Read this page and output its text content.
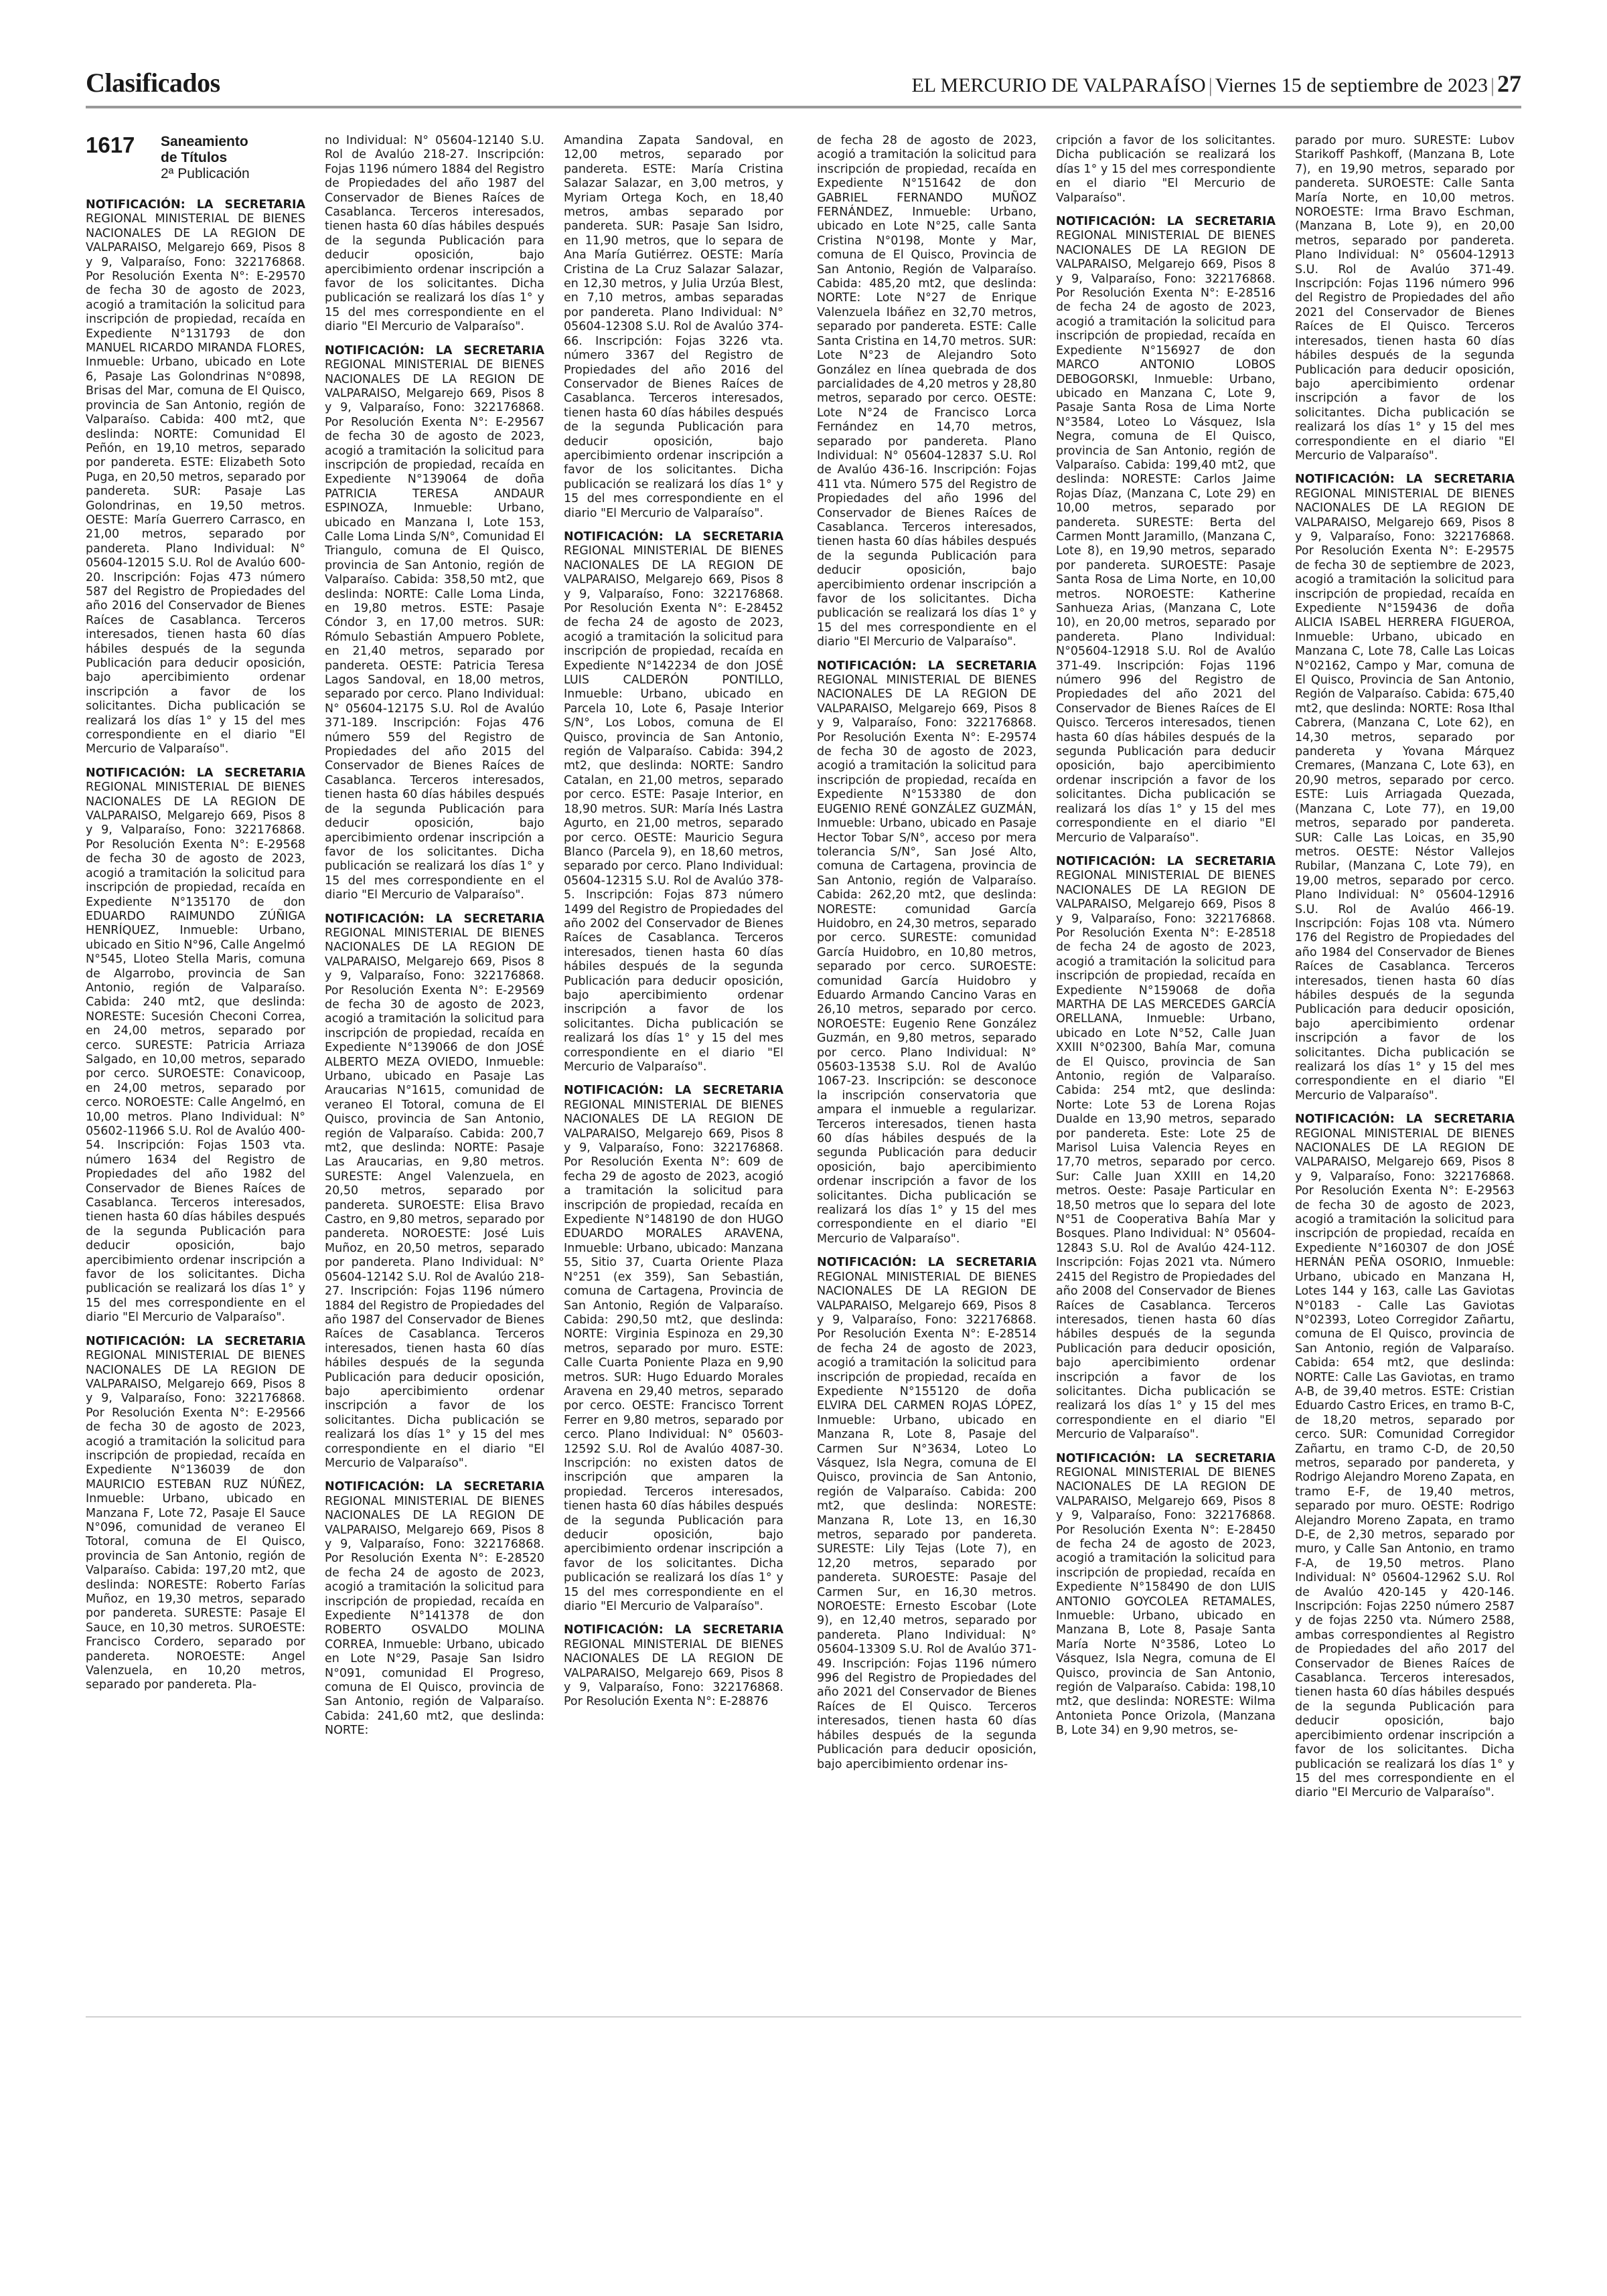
Clasificados	EL MERCURIO DE VALPARAÍSO | Viernes 15 de septiembre de 2023 | 27
1617	Saneamiento
de Títulos
2ª Publicación

NOTIFICACIÓN: LA SECRETARIA REGIONAL MINISTERIAL DE BIENES NACIONALES DE LA REGION DE VALPARAISO, Melgarejo 669, Pisos 8 y 9, Valparaíso, Fono: 322176868. Por Resolución Exenta N°: E-29570 de fecha 30 de agosto de 2023, acogió a tramitación la solicitud para inscripción de propiedad, recaída en Expediente N°131793 de don MANUEL RICARDO MIRANDA FLORES, Inmueble: Urbano, ubicado en Lote 6, Pasaje Las Golondrinas N°0898, Brisas del Mar, comuna de El Quisco, provincia de San Antonio, región de Valparaíso. Cabida: 400 mt2, que deslinda: NORTE: Comunidad El Peñón, en 19,10 metros, separado por pandereta. ESTE: Elizabeth Soto Puga, en 20,50 metros, separado por pandereta. SUR: Pasaje Las Golondrinas, en 19,50 metros. OESTE: María Guerrero Carrasco, en 21,00 metros, separado por pandereta. Plano Individual: N° 05604-12015 S.U. Rol de Avalúo 600-20. Inscripción: Fojas 473 número 587 del Registro de Propiedades del año 2016 del Conservador de Bienes Raíces de Casablanca. Terceros interesados, tienen hasta 60 días hábiles después de la segunda Publicación para deducir oposición, bajo apercibimiento ordenar inscripción a favor de los solicitantes. Dicha publicación se realizará los días 1° y 15 del mes correspondiente en el diario "El Mercurio de Valparaíso".

NOTIFICACIÓN: LA SECRETARIA REGIONAL MINISTERIAL DE BIENES NACIONALES DE LA REGION DE VALPARAISO, Melgarejo 669, Pisos 8 y 9, Valparaíso, Fono: 322176868. Por Resolución Exenta N°: E-29568 de fecha 30 de agosto de 2023, acogió a tramitación la solicitud para inscripción de propiedad, recaída en Expediente N°135170 de don EDUARDO RAIMUNDO ZÚÑIGA HENRÍQUEZ, Inmueble: Urbano, ubicado en Sitio N°96, Calle Angelmó N°545, Lloteo Stella Maris, comuna de Algarrobo, provincia de San Antonio, región de Valparaíso. Cabida: 240 mt2, que deslinda: NORESTE: Sucesión Checoni Correa, en 24,00 metros, separado por cerco. SURESTE: Patricia Arriaza Salgado, en 10,00 metros, separado por cerco. SUROESTE: Conavicoop, en 24,00 metros, separado por cerco. NOROESTE: Calle Angelmó, en 10,00 metros. Plano Individual: N° 05602-11966 S.U. Rol de Avalúo 400-54. Inscripción: Fojas 1503 vta. número 1634 del Registro de Propiedades del año 1982 del Conservador de Bienes Raíces de Casablanca. Terceros interesados, tienen hasta 60 días hábiles después de la segunda Publicación para deducir oposición, bajo apercibimiento ordenar inscripción a favor de los solicitantes. Dicha publicación se realizará los días 1° y 15 del mes correspondiente en el diario "El Mercurio de Valparaíso".

NOTIFICACIÓN: LA SECRETARIA REGIONAL MINISTERIAL DE BIENES NACIONALES DE LA REGION DE VALPARAISO, Melgarejo 669, Pisos 8 y 9, Valparaíso, Fono: 322176868. Por Resolución Exenta N°: E-29566 de fecha 30 de agosto de 2023, acogió a tramitación la solicitud para inscripción de propiedad, recaída en Expediente N°136039 de don MAURICIO ESTEBAN RUZ NÚÑEZ, Inmueble: Urbano, ubicado en Manzana F, Lote 72, Pasaje El Sauce N°096, comunidad de veraneo El Totoral, comuna de El Quisco, provincia de San Antonio, región de Valparaíso. Cabida: 197,20 mt2, que deslinda: NORESTE: Roberto Farías Muñoz, en 19,30 metros, separado por pandereta. SURESTE: Pasaje El Sauce, en 10,30 metros. SUROESTE: Francisco Cordero, separado por pandereta. NOROESTE: Angel Valenzuela, en 10,20 metros, separado por pandereta. Pla-

no Individual: N° 05604-12140 S.U. Rol de Avalúo 218-27. Inscripción: Fojas 1196 número 1884 del Registro de Propiedades del año 1987 del Conservador de Bienes Raíces de Casablanca. Terceros interesados, tienen hasta 60 días hábiles después de la segunda Publicación para deducir oposición, bajo apercibimiento ordenar inscripción a favor de los solicitantes. Dicha publicación se realizará los días 1° y 15 del mes correspondiente en el diario "El Mercurio de Valparaíso".

NOTIFICACIÓN: LA SECRETARIA REGIONAL MINISTERIAL DE BIENES NACIONALES DE LA REGION DE VALPARAISO, Melgarejo 669, Pisos 8 y 9, Valparaíso, Fono: 322176868. Por Resolución Exenta N°: E-29567 de fecha 30 de agosto de 2023, acogió a tramitación la solicitud para inscripción de propiedad, recaída en Expediente N°139064 de doña PATRICIA TERESA ANDAUR ESPINOZA, Inmueble: Urbano, ubicado en Manzana I, Lote 153, Calle Loma Linda S/N°, Comunidad El Triangulo, comuna de El Quisco, provincia de San Antonio, región de Valparaíso. Cabida: 358,50 mt2, que deslinda: NORTE: Calle Loma Linda, en 19,80 metros. ESTE: Pasaje Cóndor 3, en 17,00 metros. SUR: Rómulo Sebastián Ampuero Poblete, en 21,40 metros, separado por pandereta. OESTE: Patricia Teresa Lagos Sandoval, en 18,00 metros, separado por cerco. Plano Individual: N° 05604-12175 S.U. Rol de Avalúo 371-189. Inscripción: Fojas 476 número 559 del Registro de Propiedades del año 2015 del Conservador de Bienes Raíces de Casablanca. Terceros interesados, tienen hasta 60 días hábiles después de la segunda Publicación para deducir oposición, bajo apercibimiento ordenar inscripción a favor de los solicitantes. Dicha publicación se realizará los días 1° y 15 del mes correspondiente en el diario "El Mercurio de Valparaíso".

NOTIFICACIÓN: LA SECRETARIA REGIONAL MINISTERIAL DE BIENES NACIONALES DE LA REGION DE VALPARAISO, Melgarejo 669, Pisos 8 y 9, Valparaíso, Fono: 322176868. Por Resolución Exenta N°: E-29569 de fecha 30 de agosto de 2023, acogió a tramitación la solicitud para inscripción de propiedad, recaída en Expediente N°139066 de don JOSÉ ALBERTO MEZA OVIEDO, Inmueble: Urbano, ubicado en Pasaje Las Araucarias N°1615, comunidad de veraneo El Totoral, comuna de El Quisco, provincia de San Antonio, región de Valparaíso. Cabida: 200,7 mt2, que deslinda: NORTE: Pasaje Las Araucarias, en 9,80 metros. SURESTE: Angel Valenzuela, en 20,50 metros, separado por pandereta. SUROESTE: Elisa Bravo Castro, en 9,80 metros, separado por pandereta. NOROESTE: José Luis Muñoz, en 20,50 metros, separado por pandereta. Plano Individual: N° 05604-12142 S.U. Rol de Avalúo 218-27. Inscripción: Fojas 1196 número 1884 del Registro de Propiedades del año 1987 del Conservador de Bienes Raíces de Casablanca. Terceros interesados, tienen hasta 60 días hábiles después de la segunda Publicación para deducir oposición, bajo apercibimiento ordenar inscripción a favor de los solicitantes. Dicha publicación se realizará los días 1° y 15 del mes correspondiente en el diario "El Mercurio de Valparaíso".

NOTIFICACIÓN: LA SECRETARIA REGIONAL MINISTERIAL DE BIENES NACIONALES DE LA REGION DE VALPARAISO, Melgarejo 669, Pisos 8 y 9, Valparaíso, Fono: 322176868. Por Resolución Exenta N°: E-28520 de fecha 24 de agosto de 2023, acogió a tramitación la solicitud para inscripción de propiedad, recaída en Expediente N°141378 de don ROBERTO OSVALDO MOLINA CORREA, Inmueble: Urbano, ubicado en Lote N°29, Pasaje San Isidro N°091, comunidad El Progreso, comuna de El Quisco, provincia de San Antonio, región de Valparaíso. Cabida: 241,60 mt2, que deslinda: NORTE:

Amandina Zapata Sandoval, en 12,00 metros, separado por pandereta. ESTE: María Cristina Salazar Salazar, en 3,00 metros, y Myriam Ortega Koch, en 18,40 metros, ambas separado por pandereta. SUR: Pasaje San Isidro, en 11,90 metros, que lo separa de Ana María Gutiérrez. OESTE: María Cristina de La Cruz Salazar Salazar, en 12,30 metros, y Julia Urzúa Blest, en 7,10 metros, ambas separadas por pandereta. Plano Individual: N° 05604-12308 S.U. Rol de Avalúo 374-66. Inscripción: Fojas 3226 vta. número 3367 del Registro de Propiedades del año 2016 del Conservador de Bienes Raíces de Casablanca. Terceros interesados, tienen hasta 60 días hábiles después de la segunda Publicación para deducir oposición, bajo apercibimiento ordenar inscripción a favor de los solicitantes. Dicha publicación se realizará los días 1° y 15 del mes correspondiente en el diario "El Mercurio de Valparaíso".

NOTIFICACIÓN: LA SECRETARIA REGIONAL MINISTERIAL DE BIENES NACIONALES DE LA REGION DE VALPARAISO, Melgarejo 669, Pisos 8 y 9, Valparaíso, Fono: 322176868. Por Resolución Exenta N°: E-28452 de fecha 24 de agosto de 2023, acogió a tramitación la solicitud para inscripción de propiedad, recaída en Expediente N°142234 de don JOSÉ LUIS CALDERÓN PONTILLO, Inmueble: Urbano, ubicado en Parcela 10, Lote 6, Pasaje Interior S/N°, Los Lobos, comuna de El Quisco, provincia de San Antonio, región de Valparaíso. Cabida: 394,2 mt2, que deslinda: NORTE: Sandro Catalan, en 21,00 metros, separado por cerco. ESTE: Pasaje Interior, en 18,90 metros. SUR: María Inés Lastra Agurto, en 21,00 metros, separado por cerco. OESTE: Mauricio Segura Blanco (Parcela 9), en 18,60 metros, separado por cerco. Plano Individual: 05604-12315 S.U. Rol de Avalúo 378-5. Inscripción: Fojas 873 número 1499 del Registro de Propiedades del año 2002 del Conservador de Bienes Raíces de Casablanca. Terceros interesados, tienen hasta 60 días hábiles después de la segunda Publicación para deducir oposición, bajo apercibimiento ordenar inscripción a favor de los solicitantes. Dicha publicación se realizará los días 1° y 15 del mes correspondiente en el diario "El Mercurio de Valparaíso".

NOTIFICACIÓN: LA SECRETARIA REGIONAL MINISTERIAL DE BIENES NACIONALES DE LA REGION DE VALPARAISO, Melgarejo 669, Pisos 8 y 9, Valparaíso, Fono: 322176868. Por Resolución Exenta N°: 609 de fecha 29 de agosto de 2023, acogió a tramitación la solicitud para inscripción de propiedad, recaída en Expediente N°148190 de don HUGO EDUARDO MORALES ARAVENA, Inmueble: Urbano, ubicado: Manzana 55, Sitio 37, Cuarta Oriente Plaza N°251 (ex 359), San Sebastián, comuna de Cartagena, Provincia de San Antonio, Región de Valparaíso. Cabida: 290,50 mt2, que deslinda: NORTE: Virginia Espinoza en 29,30 metros, separado por muro. ESTE: Calle Cuarta Poniente Plaza en 9,90 metros. SUR: Hugo Eduardo Morales Aravena en 29,40 metros, separado por cerco. OESTE: Francisco Torrent Ferrer en 9,80 metros, separado por cerco. Plano Individual: N° 05603-12592 S.U. Rol de Avalúo 4087-30. Inscripción: no existen datos de inscripción que amparen la propiedad. Terceros interesados, tienen hasta 60 días hábiles después de la segunda Publicación para deducir oposición, bajo apercibimiento ordenar inscripción a favor de los solicitantes. Dicha publicación se realizará los días 1° y 15 del mes correspondiente en el diario "El Mercurio de Valparaíso".

NOTIFICACIÓN: LA SECRETARIA REGIONAL MINISTERIAL DE BIENES NACIONALES DE LA REGION DE VALPARAISO, Melgarejo 669, Pisos 8 y 9, Valparaíso, Fono: 322176868. Por Resolución Exenta N°: E-28876

de fecha 28 de agosto de 2023, acogió a tramitación la solicitud para inscripción de propiedad, recaída en Expediente N°151642 de don GABRIEL FERNANDO MUÑOZ FERNÁNDEZ, Inmueble: Urbano, ubicado en Lote N°25, calle Santa Cristina N°0198, Monte y Mar, comuna de El Quisco, Provincia de San Antonio, Región de Valparaíso. Cabida: 485,20 mt2, que deslinda: NORTE: Lote N°27 de Enrique Valenzuela Ibáñez en 32,70 metros, separado por pandereta. ESTE: Calle Santa Cristina en 14,70 metros. SUR: Lote N°23 de Alejandro Soto González en línea quebrada de dos parcialidades de 4,20 metros y 28,80 metros, separado por cerco. OESTE: Lote N°24 de Francisco Lorca Fernández en 14,70 metros, separado por pandereta. Plano Individual: N° 05604-12837 S.U. Rol de Avalúo 436-16. Inscripción: Fojas 411 vta. Número 575 del Registro de Propiedades del año 1996 del Conservador de Bienes Raíces de Casablanca. Terceros interesados, tienen hasta 60 días hábiles después de la segunda Publicación para deducir oposición, bajo apercibimiento ordenar inscripción a favor de los solicitantes. Dicha publicación se realizará los días 1° y 15 del mes correspondiente en el diario "El Mercurio de Valparaíso".

NOTIFICACIÓN: LA SECRETARIA REGIONAL MINISTERIAL DE BIENES NACIONALES DE LA REGION DE VALPARAISO, Melgarejo 669, Pisos 8 y 9, Valparaíso, Fono: 322176868. Por Resolución Exenta N°: E-29574 de fecha 30 de agosto de 2023, acogió a tramitación la solicitud para inscripción de propiedad, recaída en Expediente N°153380 de don EUGENIO RENÉ GONZÁLEZ GUZMÁN, Inmueble: Urbano, ubicado en Pasaje Hector Tobar S/N°, acceso por mera tolerancia S/N°, San José Alto, comuna de Cartagena, provincia de San Antonio, región de Valparaíso. Cabida: 262,20 mt2, que deslinda: NORESTE: comunidad García Huidobro, en 24,30 metros, separado por cerco. SURESTE: comunidad García Huidobro, en 10,80 metros, separado por cerco. SUROESTE: comunidad García Huidobro y Eduardo Armando Cancino Varas en 26,10 metros, separado por cerco. NOROESTE: Eugenio Rene González Guzmán, en 9,80 metros, separado por cerco. Plano Individual: N° 05603-13538 S.U. Rol de Avalúo 1067-23. Inscripción: se desconoce la inscripción conservatoria que ampara el inmueble a regularizar. Terceros interesados, tienen hasta 60 días hábiles después de la segunda Publicación para deducir oposición, bajo apercibimiento ordenar inscripción a favor de los solicitantes. Dicha publicación se realizará los días 1° y 15 del mes correspondiente en el diario "El Mercurio de Valparaíso".

NOTIFICACIÓN: LA SECRETARIA REGIONAL MINISTERIAL DE BIENES NACIONALES DE LA REGION DE VALPARAISO, Melgarejo 669, Pisos 8 y 9, Valparaíso, Fono: 322176868. Por Resolución Exenta N°: E-28514 de fecha 24 de agosto de 2023, acogió a tramitación la solicitud para inscripción de propiedad, recaída en Expediente N°155120 de doña ELVIRA DEL CARMEN ROJAS LÓPEZ, Inmueble: Urbano, ubicado en Manzana R, Lote 8, Pasaje del Carmen Sur N°3634, Loteo Lo Vásquez, Isla Negra, comuna de El Quisco, provincia de San Antonio, región de Valparaíso. Cabida: 200 mt2, que deslinda: NORESTE: Manzana R, Lote 13, en 16,30 metros, separado por pandereta. SURESTE: Lily Tejas (Lote 7), en 12,20 metros, separado por pandereta. SUROESTE: Pasaje del Carmen Sur, en 16,30 metros. NOROESTE: Ernesto Escobar (Lote 9), en 12,40 metros, separado por pandereta. Plano Individual: N° 05604-13309 S.U. Rol de Avalúo 371-49. Inscripción: Fojas 1196 número 996 del Registro de Propiedades del año 2021 del Conservador de Bienes Raíces de El Quisco. Terceros interesados, tienen hasta 60 días hábiles después de la segunda Publicación para deducir oposición, bajo apercibimiento ordenar ins-

cripción a favor de los solicitantes. Dicha publicación se realizará los días 1° y 15 del mes correspondiente en el diario "El Mercurio de Valparaíso".

NOTIFICACIÓN: LA SECRETARIA REGIONAL MINISTERIAL DE BIENES NACIONALES DE LA REGION DE VALPARAISO, Melgarejo 669, Pisos 8 y 9, Valparaíso, Fono: 322176868. Por Resolución Exenta N°: E-28516 de fecha 24 de agosto de 2023, acogió a tramitación la solicitud para inscripción de propiedad, recaída en Expediente N°156927 de don MARCO ANTONIO LOBOS DEBOGORSKI, Inmueble: Urbano, ubicado en Manzana C, Lote 9, Pasaje Santa Rosa de Lima Norte N°3584, Loteo Lo Vásquez, Isla Negra, comuna de El Quisco, provincia de San Antonio, región de Valparaíso. Cabida: 199,40 mt2, que deslinda: NORESTE: Carlos Jaime Rojas Díaz, (Manzana C, Lote 29) en 10,00 metros, separado por pandereta. SURESTE: Berta del Carmen Montt Jaramillo, (Manzana C, Lote 8), en 19,90 metros, separado por pandereta. SUROESTE: Pasaje Santa Rosa de Lima Norte, en 10,00 metros. NOROESTE: Katherine Sanhueza Arias, (Manzana C, Lote 10), en 20,00 metros, separado por pandereta. Plano Individual: N°05604-12918 S.U. Rol de Avalúo 371-49. Inscripción: Fojas 1196 número 996 del Registro de Propiedades del año 2021 del Conservador de Bienes Raíces de El Quisco. Terceros interesados, tienen hasta 60 días hábiles después de la segunda Publicación para deducir oposición, bajo apercibimiento ordenar inscripción a favor de los solicitantes. Dicha publicación se realizará los días 1° y 15 del mes correspondiente en el diario "El Mercurio de Valparaíso".

NOTIFICACIÓN: LA SECRETARIA REGIONAL MINISTERIAL DE BIENES NACIONALES DE LA REGION DE VALPARAISO, Melgarejo 669, Pisos 8 y 9, Valparaíso, Fono: 322176868. Por Resolución Exenta N°: E-28518 de fecha 24 de agosto de 2023, acogió a tramitación la solicitud para inscripción de propiedad, recaída en Expediente N°159068 de doña MARTHA DE LAS MERCEDES GARCÍA ORELLANA, Inmueble: Urbano, ubicado en Lote N°52, Calle Juan XXIII N°02300, Bahía Mar, comuna de El Quisco, provincia de San Antonio, región de Valparaíso. Cabida: 254 mt2, que deslinda: Norte: Lote 53 de Lorena Rojas Dualde en 13,90 metros, separado por pandereta. Este: Lote 25 de Marisol Luisa Valencia Reyes en 17,70 metros, separado por cerco. Sur: Calle Juan XXIII en 14,20 metros. Oeste: Pasaje Particular en 18,50 metros que lo separa del lote N°51 de Cooperativa Bahía Mar y Bosques. Plano Individual: N° 05604-12843 S.U. Rol de Avalúo 424-112. Inscripción: Fojas 2021 vta. Número 2415 del Registro de Propiedades del año 2008 del Conservador de Bienes Raíces de Casablanca. Terceros interesados, tienen hasta 60 días hábiles después de la segunda Publicación para deducir oposición, bajo apercibimiento ordenar inscripción a favor de los solicitantes. Dicha publicación se realizará los días 1° y 15 del mes correspondiente en el diario "El Mercurio de Valparaíso".

NOTIFICACIÓN: LA SECRETARIA REGIONAL MINISTERIAL DE BIENES NACIONALES DE LA REGION DE VALPARAISO, Melgarejo 669, Pisos 8 y 9, Valparaíso, Fono: 322176868. Por Resolución Exenta N°: E-28450 de fecha 24 de agosto de 2023, acogió a tramitación la solicitud para inscripción de propiedad, recaída en Expediente N°158490 de don LUIS ANTONIO GOYCOLEA RETAMALES, Inmueble: Urbano, ubicado en Manzana B, Lote 8, Pasaje Santa María Norte N°3586, Loteo Lo Vásquez, Isla Negra, comuna de El Quisco, provincia de San Antonio, región de Valparaíso. Cabida: 198,10 mt2, que deslinda: NORESTE: Wilma Antonieta Ponce Orizola, (Manzana B, Lote 34) en 9,90 metros, se-

parado por muro. SURESTE: Lubov Starikoff Pashkoff, (Manzana B, Lote 7), en 19,90 metros, separado por pandereta. SUROESTE: Calle Santa María Norte, en 10,00 metros. NOROESTE: Irma Bravo Eschman, (Manzana B, Lote 9), en 20,00 metros, separado por pandereta. Plano Individual: N° 05604-12913 S.U. Rol de Avalúo 371-49. Inscripción: Fojas 1196 número 996 del Registro de Propiedades del año 2021 del Conservador de Bienes Raíces de El Quisco. Terceros interesados, tienen hasta 60 días hábiles después de la segunda Publicación para deducir oposición, bajo apercibimiento ordenar inscripción a favor de los solicitantes. Dicha publicación se realizará los días 1° y 15 del mes correspondiente en el diario "El Mercurio de Valparaíso".

NOTIFICACIÓN: LA SECRETARIA REGIONAL MINISTERIAL DE BIENES NACIONALES DE LA REGION DE VALPARAISO, Melgarejo 669, Pisos 8 y 9, Valparaíso, Fono: 322176868. Por Resolución Exenta N°: E-29575 de fecha 30 de septiembre de 2023, acogió a tramitación la solicitud para inscripción de propiedad, recaída en Expediente N°159436 de doña ALICIA ISABEL HERRERA FIGUEROA, Inmueble: Urbano, ubicado en Manzana C, Lote 78, Calle Las Loicas N°02162, Campo y Mar, comuna de El Quisco, Provincia de San Antonio, Región de Valparaíso. Cabida: 675,40 mt2, que deslinda: NORTE: Rosa Ithal Cabrera, (Manzana C, Lote 62), en 14,30 metros, separado por pandereta y Yovana Márquez Cremares, (Manzana C, Lote 63), en 20,90 metros, separado por cerco. ESTE: Luis Arriagada Quezada, (Manzana C, Lote 77), en 19,00 metros, separado por pandereta. SUR: Calle Las Loicas, en 35,90 metros. OESTE: Néstor Vallejos Rubilar, (Manzana C, Lote 79), en 19,00 metros, separado por cerco. Plano Individual: N° 05604-12916 S.U. Rol de Avalúo 466-19. Inscripción: Fojas 108 vta. Número 176 del Registro de Propiedades del año 1984 del Conservador de Bienes Raíces de Casablanca. Terceros interesados, tienen hasta 60 días hábiles después de la segunda Publicación para deducir oposición, bajo apercibimiento ordenar inscripción a favor de los solicitantes. Dicha publicación se realizará los días 1° y 15 del mes correspondiente en el diario "El Mercurio de Valparaíso".

NOTIFICACIÓN: LA SECRETARIA REGIONAL MINISTERIAL DE BIENES NACIONALES DE LA REGION DE VALPARAISO, Melgarejo 669, Pisos 8 y 9, Valparaíso, Fono: 322176868. Por Resolución Exenta N°: E-29563 de fecha 30 de agosto de 2023, acogió a tramitación la solicitud para inscripción de propiedad, recaída en Expediente N°160307 de don JOSÉ HERNÁN PEÑA OSORIO, Inmueble: Urbano, ubicado en Manzana H, Lotes 144 y 163, calle Las Gaviotas N°0183 - Calle Las Gaviotas N°02393, Loteo Corregidor Zañartu, comuna de El Quisco, provincia de San Antonio, región de Valparaíso. Cabida: 654 mt2, que deslinda: NORTE: Calle Las Gaviotas, en tramo A-B, de 39,40 metros. ESTE: Cristian Eduardo Castro Erices, en tramo B-C, de 18,20 metros, separado por cerco. SUR: Comunidad Corregidor Zañartu, en tramo C-D, de 20,50 metros, separado por pandereta, y Rodrigo Alejandro Moreno Zapata, en tramo E-F, de 19,40 metros, separado por muro. OESTE: Rodrigo Alejandro Moreno Zapata, en tramo D-E, de 2,30 metros, separado por muro, y Calle San Antonio, en tramo F-A, de 19,50 metros. Plano Individual: N° 05604-12962 S.U. Rol de Avalúo 420-145 y 420-146. Inscripción: Fojas 2250 número 2587 y de fojas 2250 vta. Número 2588, ambas correspondientes al Registro de Propiedades del año 2017 del Conservador de Bienes Raíces de Casablanca. Terceros interesados, tienen hasta 60 días hábiles después de la segunda Publicación para deducir oposición, bajo apercibimiento ordenar inscripción a favor de los solicitantes. Dicha publicación se realizará los días 1° y 15 del mes correspondiente en el diario "El Mercurio de Valparaíso".
